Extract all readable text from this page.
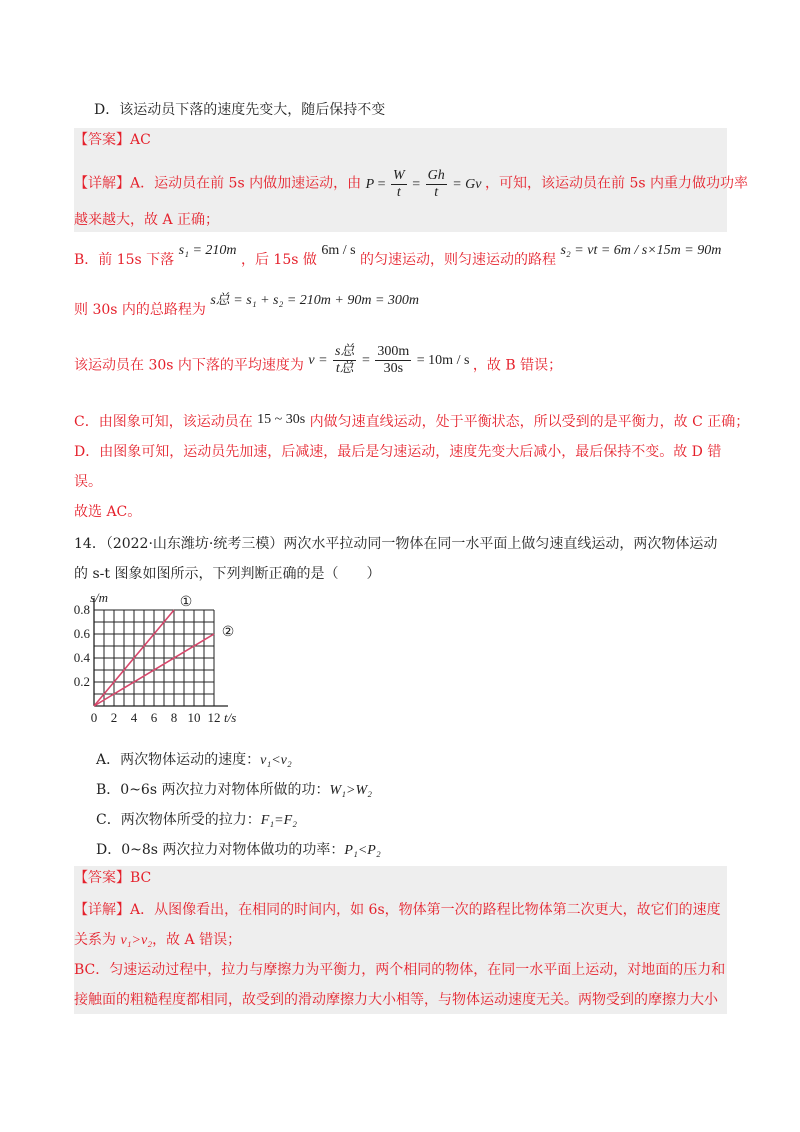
D．该运动员下落的速度先变大，随后保持不变
【答案】AC
【详解】A．运动员在前 5s 内做加速运动，由 $P = \frac{W}{t} = \frac{Gh}{t} = Gv$ ，可知，该运动员在前 5s 内重力做功功率
越来越大，故 A 正确；
B．前 15s 下落 s₁ = 210m ，后 15s 做 6m / s 的匀速运动，则匀速运动的路程 s₂ = vt = 6m / s×15m = 90m
则 30s 内的总路程为 s总 = s₁ + s₂ = 210m + 90m = 300m
该运动员在 30s 内下落的平均速度为 $v = \frac{\text{s总}}{\text{t总}} = \frac{300m}{30s} = 10m / s$ ，故 B 错误；
C．由图象可知，该运动员在 15 ~ 30s 内做匀速直线运动，处于平衡状态，所以受到的是平衡力，故 C 正确；
D．由图象可知，运动员先加速，后减速，最后是匀速运动，速度先变大后减小，最后保持不变。故 D 错
误。
故选 AC。
14．（2022·山东潍坊·统考三模）两次水平拉动同一物体在同一水平面上做匀速直线运动，两次物体运动
的 s-t 图象如图所示，下列判断正确的是（　　）
0 2 4 6 8 10 12
0.2
0.4
0.6
0.8
s/m
t/s
①
②
A．两次物体运动的速度：v₁<v₂
B．0~6s 两次拉力对物体所做的功：W₁>W₂
C．两次物体所受的拉力：F₁=F₂
D．0~8s 两次拉力对物体做功的功率：P₁<P₂
【答案】BC
【详解】A．从图像看出，在相同的时间内，如 6s，物体第一次的路程比物体第二次更大，故它们的速度
关系为 v₁>v₂，故 A 错误；
BC．匀速运动过程中，拉力与摩擦力为平衡力，两个相同的物体，在同一水平面上运动，对地面的压力和
接触面的粗糙程度都相同，故受到的滑动摩擦力大小相等，与物体运动速度无关。两物受到的摩擦力大小
